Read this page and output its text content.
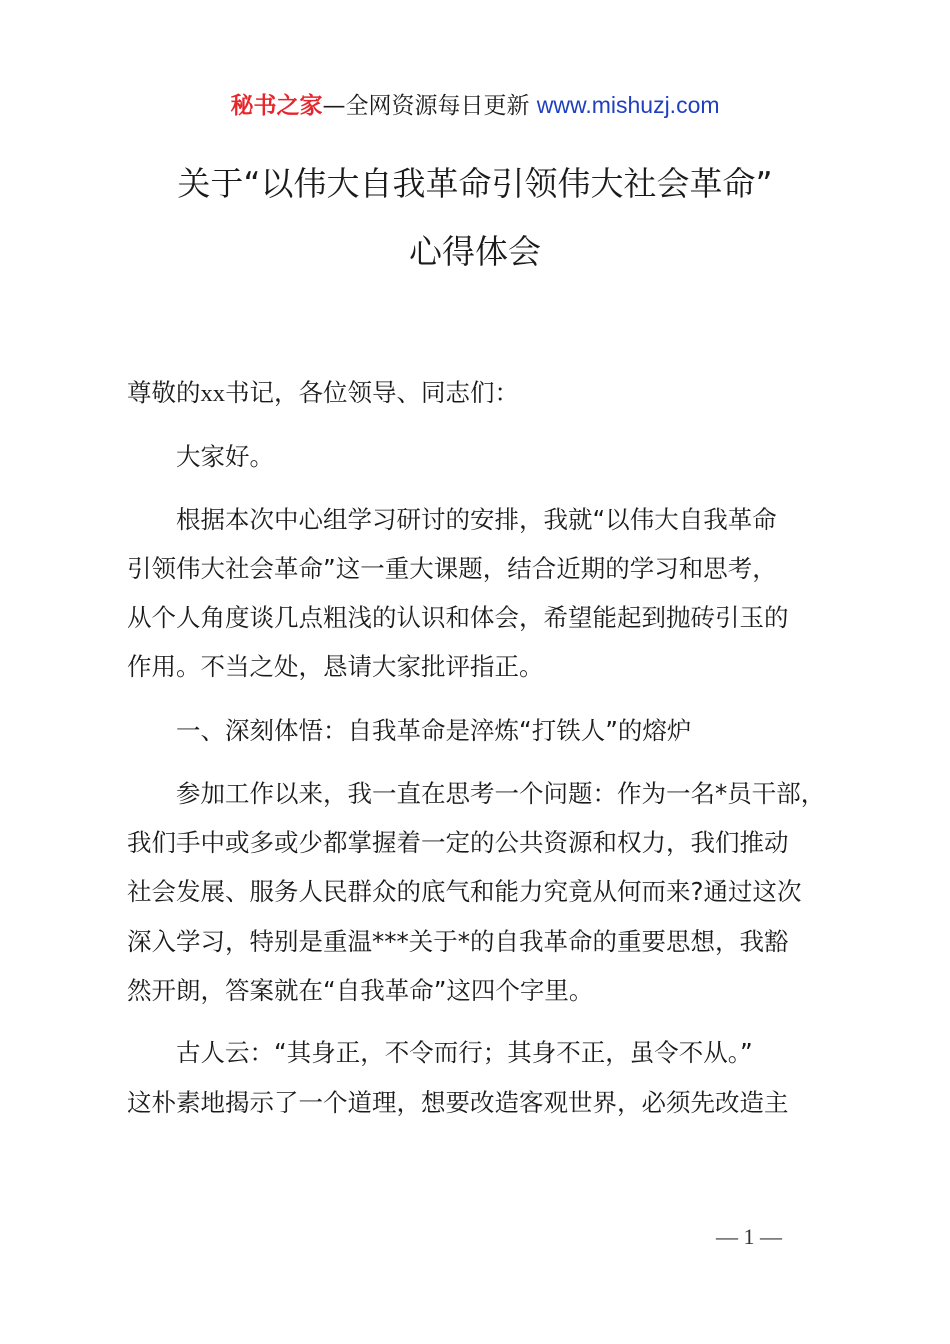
秘书之家—全网资源每日更新 www.mishuzj.com
关于“以伟大自我革命引领伟大社会革命”
心得体会
尊敬的xx书记，各位领导、同志们：
大家好。
根据本次中心组学习研讨的安排，我就“以伟大自我革命
引领伟大社会革命”这一重大课题，结合近期的学习和思考，
从个人角度谈几点粗浅的认识和体会，希望能起到抛砖引玉的
作用。不当之处，恳请大家批评指正。
一、深刻体悟：自我革命是淬炼“打铁人”的熔炉
参加工作以来，我一直在思考一个问题：作为一名*员干部，
我们手中或多或少都掌握着一定的公共资源和权力，我们推动
社会发展、服务人民群众的底气和能力究竟从何而来?通过这次
深入学习，特别是重温***关于*的自我革命的重要思想，我豁
然开朗，答案就在“自我革命”这四个字里。
古人云：“其身正，不令而行；其身不正，虽令不从。”
这朴素地揭示了一个道理，想要改造客观世界，必须先改造主
— 1 —
